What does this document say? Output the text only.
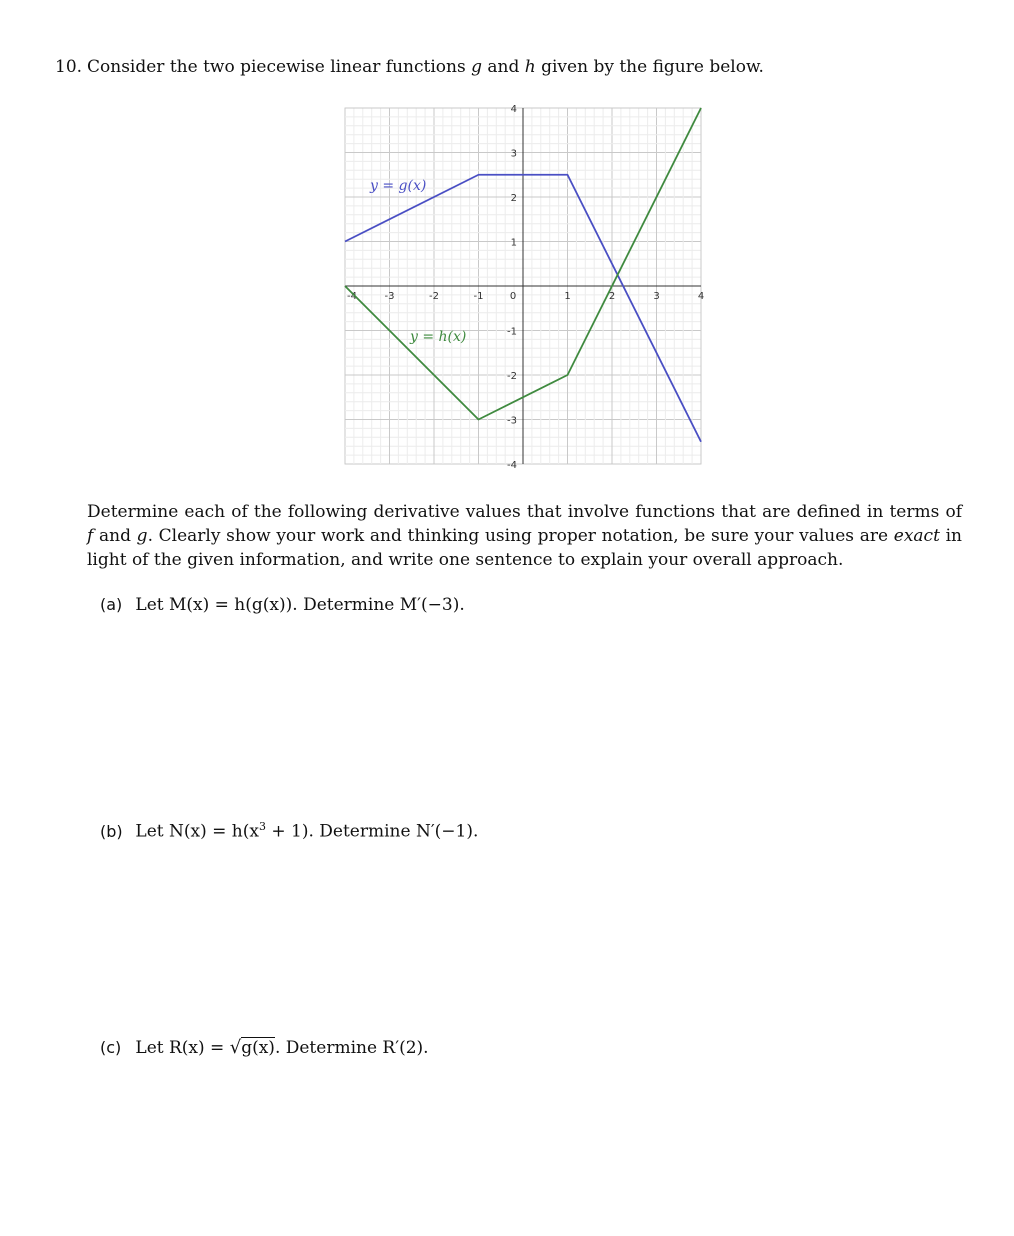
10. Consider the two piecewise linear functions g and h given by the figure below.
-4	-3	-2	-1	0	1	2	3	4
4
3
2
1
-1
-2
-3
-4
y = g(x)
y = h(x)
Determine each of the following derivative values that involve functions that are defined in terms of f and g. Clearly show your work and thinking using proper notation, be sure your values are exact in light of the given information, and write one sentence to explain your overall approach.
(a) Let M(x) = h(g(x)). Determine M′(−3).
(b) Let $N(x) = h(x^3 + 1)$. Determine N′(−1).
(c) Let R(x) = √g(x). Determine R′(2).
